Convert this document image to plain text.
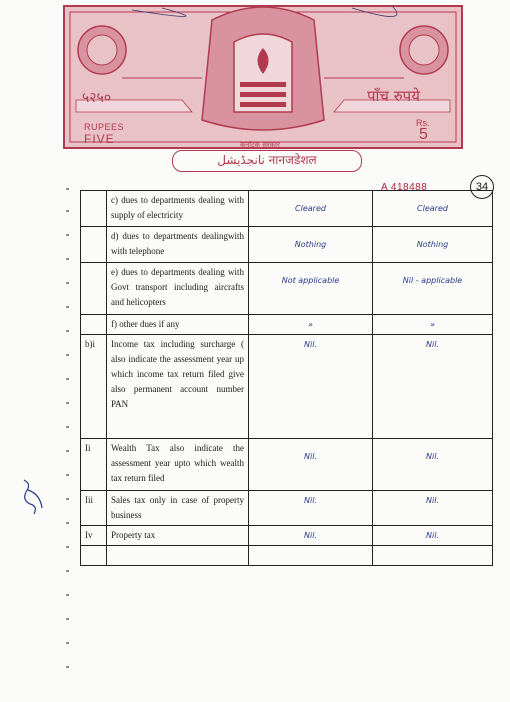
५२५०	पाँच रुपये
RUPEES
FIVE
Rs.
5
कर्नाटक सरकार
نانجڈیشل नानजडेशल
A 418488	34
	c) dues to departments dealing with supply of electricity	Cleared	Cleared
	d) dues to departments dealingwith with telephone	Nothing	Nothing
	e) dues to departments dealing with Govt transport including aircrafts and helicopters	Not applicable	Nil - applicable
	f) other dues if any	»	»
b)i	Income tax including surcharge ( also indicate the assessment year up which income tax return filed give also permanent account number PAN	Nil.	Nil.
Ii	Wealth Tax also indicate the assessment year upto which wealth tax return filed	Nil.	Nil.
Iii	Sales tax only in case of property business	Nil.	Nil.
Iv	Property tax	Nil.	Nil.
